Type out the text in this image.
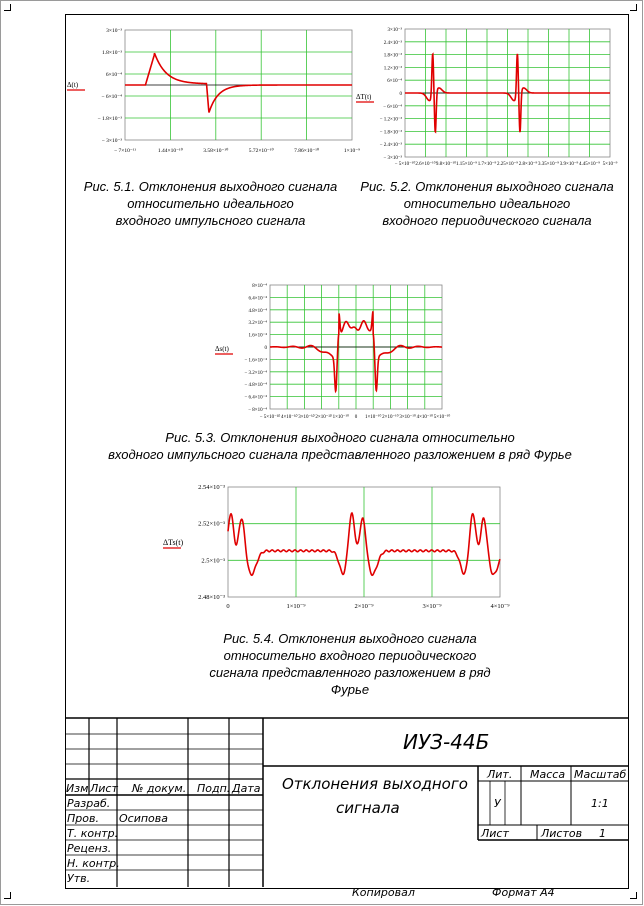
3×10⁻³
1.8×10⁻³
6×10⁻⁴
− 6×10⁻⁴
− 1.8×10⁻³
− 3×10⁻³
− 7×10⁻¹¹	1.44×10⁻¹⁰	3.58×10⁻¹⁰	5.72×10⁻¹⁰	7.86×10⁻¹⁰	1×10⁻⁹
Δ(t)
Рис. 5.1. Отклонения выходного сигнала
относительно идеального
входного импульсного сигнала
3×10⁻³
2.4×10⁻³
1.8×10⁻³
1.2×10⁻³
6×10⁻⁴
0
− 6×10⁻⁴
− 1.2×10⁻³
− 1.8×10⁻³
− 2.4×10⁻³
− 3×10⁻³
− 5×10⁻¹⁰ 2.6×10⁻¹⁰ 9.8×10⁻¹⁰ 1.15×10⁻⁹ 1.7×10⁻⁹ 2.25×10⁻⁹ 2.8×10⁻⁹ 3.35×10⁻⁹ 3.9×10⁻⁹ 4.45×10⁻⁹ 5×10⁻⁹
ΔT(t)
Рис. 5.2. Отклонения выходного сигнала
относительно идеального
входного периодического сигнала
8×10⁻⁴
6.4×10⁻⁴
4.8×10⁻⁴
3.2×10⁻⁴
1.6×10⁻⁴
0
− 1.6×10⁻⁴
− 3.2×10⁻⁴
− 4.8×10⁻⁴
− 6.4×10⁻⁴
− 8×10⁻⁴
− 5×10⁻¹⁰
− 4×10⁻¹⁰
− 3×10⁻¹⁰
− 2×10⁻¹⁰
− 1×10⁻¹⁰ 0 1×10⁻¹⁰ 2×10⁻¹⁰ 3×10⁻¹⁰ 4×10⁻¹⁰ 5×10⁻¹⁰
Δs(t)
Рис. 5.3. Отклонения выходного сигнала относительно
входного импульсного сигнала представленного разложением в ряд Фурье
2.54×10⁻³
2.52×10⁻³
2.5×10⁻³
2.48×10⁻³
0	1×10⁻⁹	2×10⁻⁹	3×10⁻⁹	4×10⁻⁹
ΔTs(t)
Рис. 5.4. Отклонения выходного сигнала
относительно входного периодического
сигнала представленного разложением в ряд
Фурье
ИУЗ-44Б
Отклонения выходного
сигнала
Изм Лист № докум. Подп. Дата
Разраб.
Пров. Осипова
Т. контр.
Реценз.
Н. контр.
Утв.
Лит. Масса Масштаб
У	1:1
Лист	Листов 1
Копировал	Формат А4
